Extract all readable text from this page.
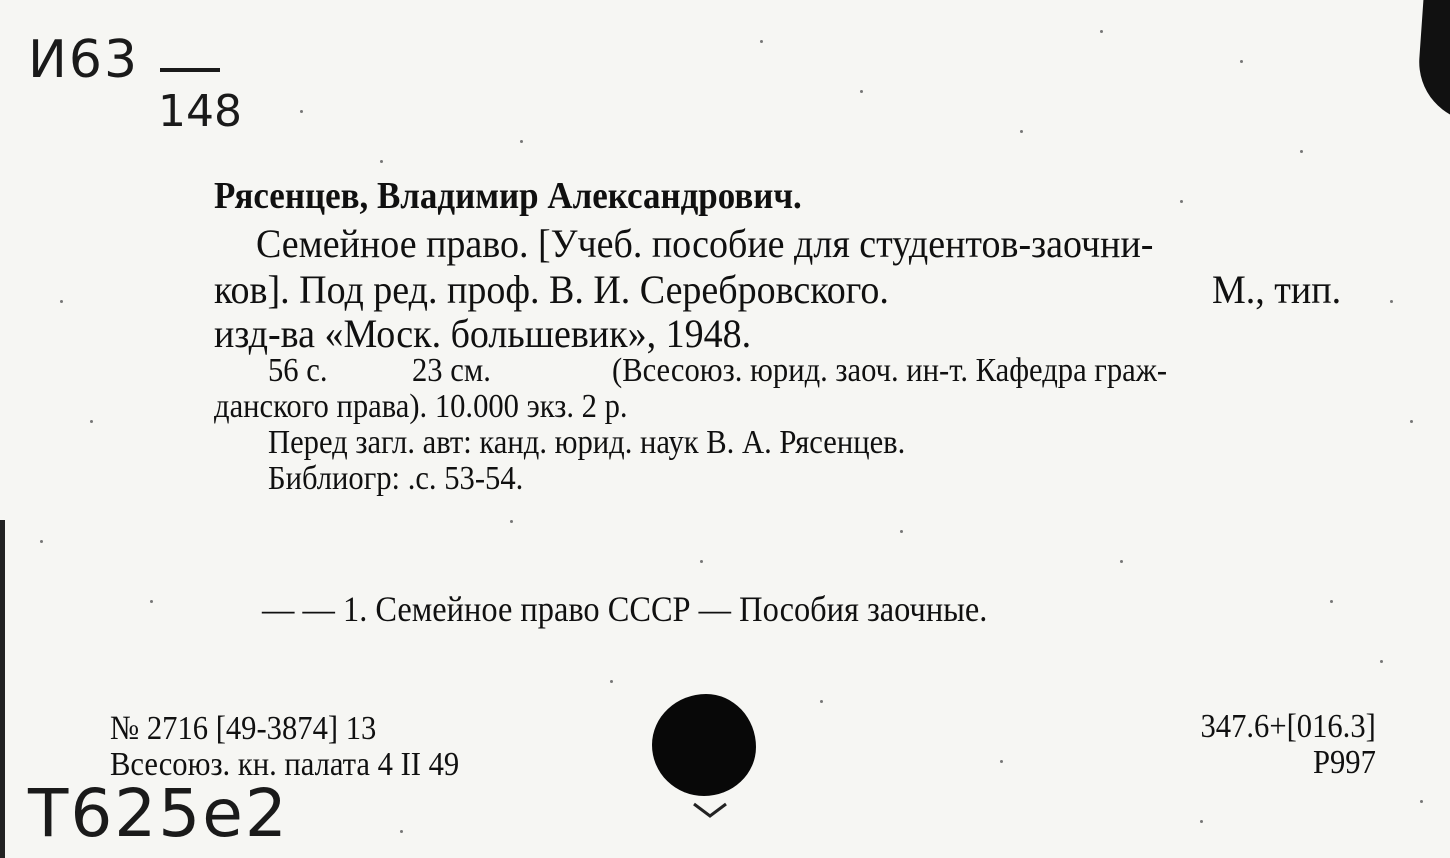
И63
148
Рясенцев, Владимир Александрович.
Семейное право. [Учеб. пособие для студентов-заочни-
ков]. Под ред. проф. В. И. Серебровского.	М., тип.
изд-ва «Моск. большевик», 1948.
56 с. 23 см.	(Всесоюз. юрид. заоч. ин-т. Кафедра граж-
данского права). 10.000 экз. 2 р.
Перед загл. авт: канд. юрид. наук В. А. Рясенцев.
Библиогр: .с. 53-54.
— — 1. Семейное право СССР — Пособия заочные.
№ 2716 [49-3874] 13
Всесоюз. кн. палата 4 II 49
347.6+[016.3]
Р997
Т625е2
